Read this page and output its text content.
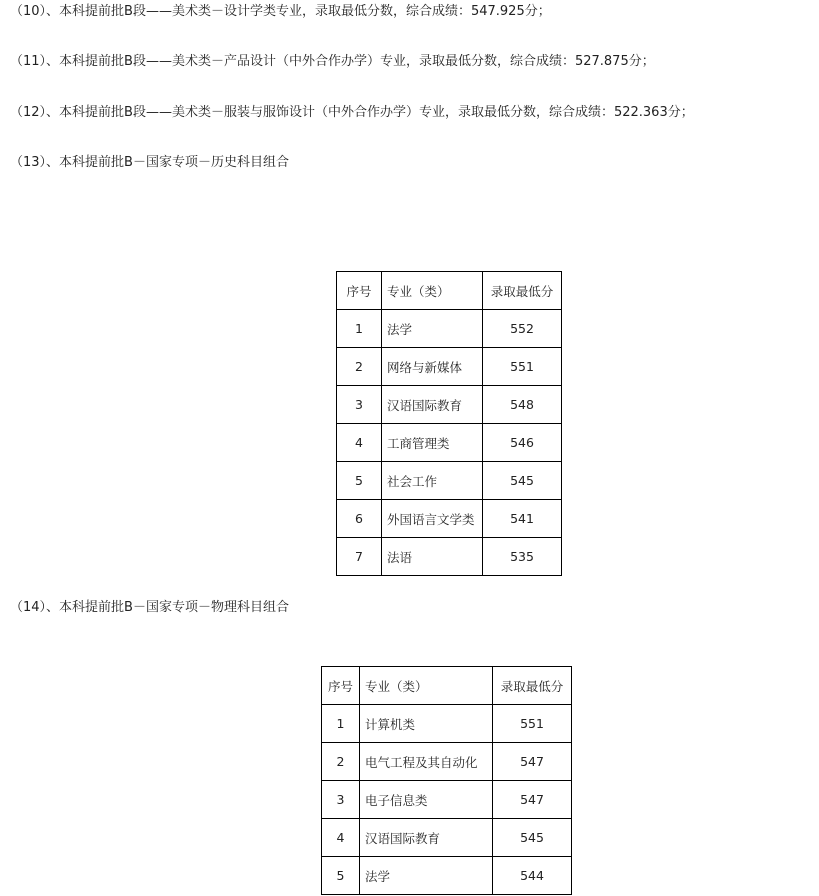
（10）、本科提前批B段——美术类－设计学类专业，录取最低分数，综合成绩：547.925分；

（11）、本科提前批B段——美术类－产品设计（中外合作办学）专业，录取最低分数，综合成绩：527.875分；

（12）、本科提前批B段——美术类－服装与服饰设计（中外合作办学）专业，录取最低分数，综合成绩：522.363分；

（13）、本科提前批B－国家专项－历史科目组合

序号	专业（类）	录取最低分
1	法学	552
2	网络与新媒体	551
3	汉语国际教育	548
4	工商管理类	546
5	社会工作	545
6	外国语言文学类	541
7	法语	535

（14）、本科提前批B－国家专项－物理科目组合

序号	专业（类）	录取最低分
1	计算机类	551
2	电气工程及其自动化	547
3	电子信息类	547
4	汉语国际教育	545
5	法学	544
